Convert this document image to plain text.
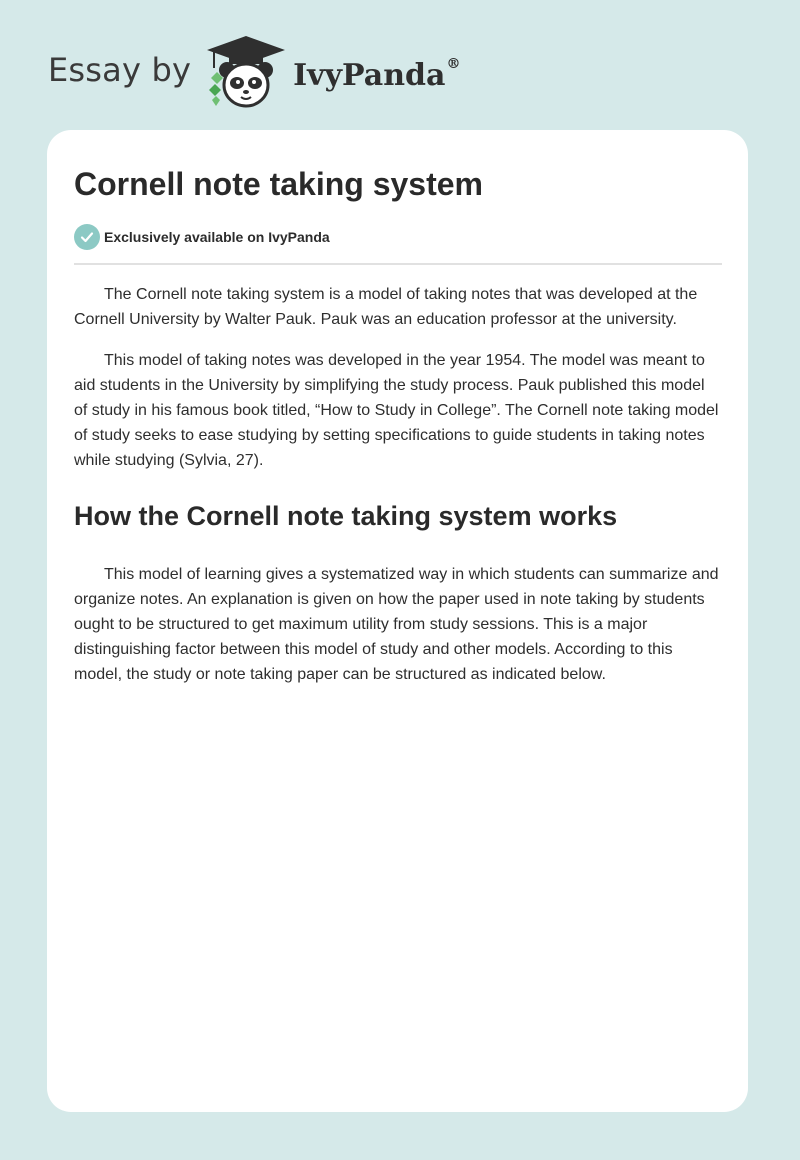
Essay by	IvyPanda®
Cornell note taking system
Exclusively available on IvyPanda

The Cornell note taking system is a model of taking notes that was developed at the Cornell University by Walter Pauk. Pauk was an education professor at the university.

This model of taking notes was developed in the year 1954. The model was meant to aid students in the University by simplifying the study process. Pauk published this model of study in his famous book titled, “How to Study in College”. The Cornell note taking model of study seeks to ease studying by setting specifications to guide students in taking notes while studying (Sylvia, 27).

How the Cornell note taking system works

This model of learning gives a systematized way in which students can summarize and organize notes. An explanation is given on how the paper used in note taking by students ought to be structured to get maximum utility from study sessions. This is a major distinguishing factor between this model of study and other models. According to this model, the study or note taking paper can be structured as indicated below.
